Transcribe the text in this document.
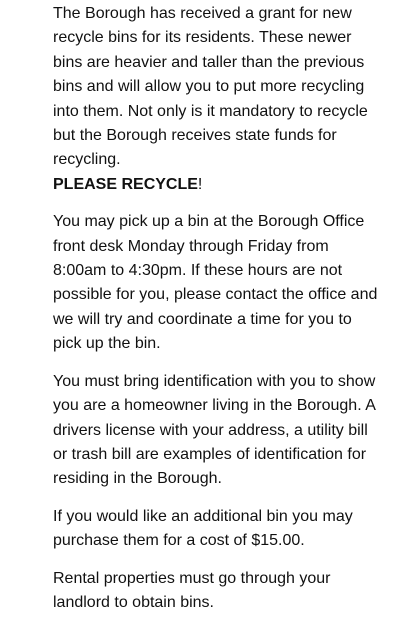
The Borough has received a grant for new recycle bins for its residents. These newer bins are heavier and taller than the previous bins and will allow you to put more recycling into them. Not only is it mandatory to recycle but the Borough receives state funds for recycling.
PLEASE RECYCLE!

You may pick up a bin at the Borough Office front desk Monday through Friday from 8:00am to 4:30pm. If these hours are not possible for you, please contact the office and we will try and coordinate a time for you to pick up the bin.

You must bring identification with you to show you are a homeowner living in the Borough. A drivers license with your address, a utility bill or trash bill are examples of identification for residing in the Borough.

If you would like an additional bin you may purchase them for a cost of $15.00.

Rental properties must go through your landlord to obtain bins.
